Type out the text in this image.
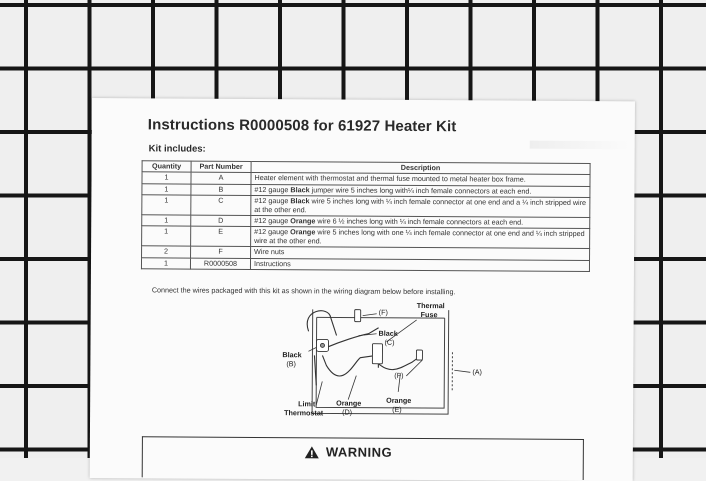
Instructions R0000508 for 61927 Heater Kit
Kit includes:
Quantity	Part Number	Description
1	A	Heater element with thermostat and thermal fuse mounted to metal heater box frame.
1	B	#12 gauge Black jumper wire 5 inches long with¼ inch female connectors at each end.
1	C	#12 gauge Black wire 5 inches long with ¼ inch female connector at one end and a ¼ inch stripped wire at the other end.
1	D	#12 gauge Orange wire 6 ½ inches long with ¼ inch female connectors at each end.
1	E	#12 gauge Orange wire 5 inches long with one ¼ inch female connector at one end and ¼ inch stripped wire at the other end.
2	F	Wire nuts
1	R0000508	Instructions
Connect the wires packaged with this kit as shown in the wiring diagram below before installing.
(F)
Thermal
Fuse
Black
(C)
Black
(B)
(A)
(F)
Limit
Thermostat
Orange
(D)
Orange
(E)
WARNING
